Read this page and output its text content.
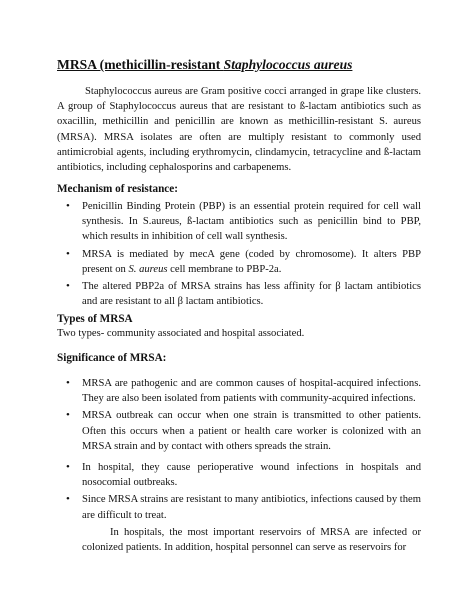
MRSA (methicillin-resistant Staphylococcus aureus

Staphylococcus aureus are Gram positive cocci arranged in grape like clusters. A group of Staphylococcus aureus that are resistant to ß-lactam antibiotics such as oxacillin, methicillin and penicillin are known as methicillin-resistant S. aureus (MRSA). MRSA isolates are often are multiply resistant to commonly used antimicrobial agents, including erythromycin, clindamycin, tetracycline and ß-lactam antibiotics, including cephalosporins and carbapenems.

Mechanism of resistance:
• Penicillin Binding Protein (PBP) is an essential protein required for cell wall synthesis. In S.aureus, ß-lactam antibiotics such as penicillin bind to PBP, which results in inhibition of cell wall synthesis.
• MRSA is mediated by mecA gene (coded by chromosome). It alters PBP present on S. aureus cell membrane to PBP-2a.
• The altered PBP2a of MRSA strains has less affinity for β lactam antibiotics and are resistant to all β lactam antibiotics.
Types of MRSA
Two types- community associated and hospital associated.
Significance of MRSA:
• MRSA are pathogenic and are common causes of hospital-acquired infections. They are also been isolated from patients with community-acquired infections.
• MRSA outbreak can occur when one strain is transmitted to other patients. Often this occurs when a patient or health care worker is colonized with an MRSA strain and by contact with others spreads the strain.
• In hospital, they cause perioperative wound infections in hospitals and nosocomial outbreaks.
• Since MRSA strains are resistant to many antibiotics, infections caused by them are difficult to treat.
In hospitals, the most important reservoirs of MRSA are infected or colonized patients. In addition, hospital personnel can serve as reservoirs for
